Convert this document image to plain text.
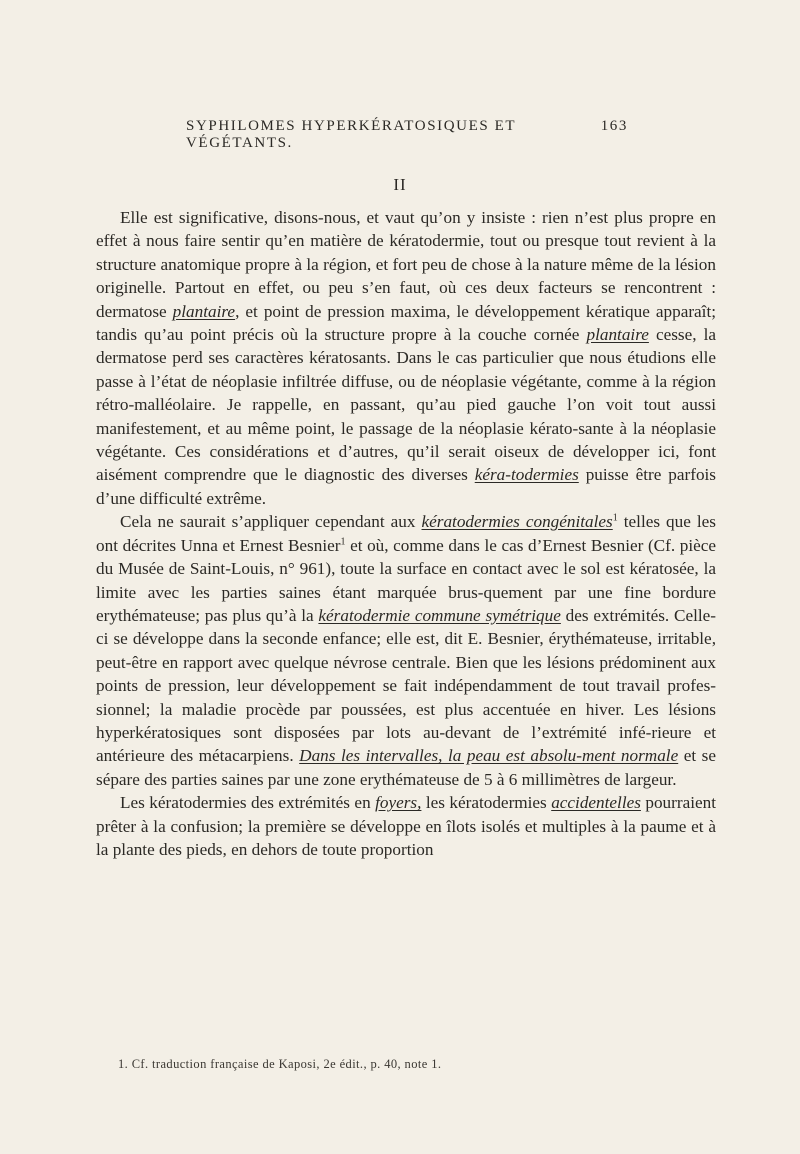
SYPHILOMES HYPERKÉRATOSIQUES ET VÉGÉTANTS.
163
II

Elle est significative, disons-nous, et vaut qu’on y insiste : rien n’est plus propre en effet à nous faire sentir qu’en matière de kératodermie, tout ou presque tout revient à la structure anatomique propre à la région, et fort peu de chose à la nature même de la lésion originelle. Partout en effet, ou peu s’en faut, où ces deux facteurs se rencontrent : dermatose plantaire, et point de pression maxima, le développement kératique apparaît; tandis qu’au point précis où la structure propre à la couche cornée plantaire cesse, la dermatose perd ses caractères kératosants. Dans le cas particulier que nous étudions elle passe à l’état de néoplasie infiltrée diffuse, ou de néoplasie végétante, comme à la région rétro-malléolaire. Je rappelle, en passant, qu’au pied gauche l’on voit tout aussi manifestement, et au même point, le passage de la néoplasie kérato-sante à la néoplasie végétante. Ces considérations et d’autres, qu’il serait oiseux de développer ici, font aisément comprendre que le diagnostic des diverses kéra-todermies puisse être parfois d’une difficulté extrême.

Cela ne saurait s’appliquer cependant aux kératodermies congénitales$^1$ telles que les ont décrites Unna et Ernest Besnier$^1$ et où, comme dans le cas d’Ernest Besnier (Cf. pièce du Musée de Saint-Louis, n° 961), toute la surface en contact avec le sol est kératosée, la limite avec les parties saines étant marquée brus-quement par une fine bordure erythémateuse; pas plus qu’à la kératodermie commune symétrique des extrémités. Celle-ci se développe dans la seconde enfance; elle est, dit E. Besnier, érythémateuse, irritable, peut-être en rapport avec quelque névrose centrale. Bien que les lésions prédominent aux points de pression, leur développement se fait indépendamment de tout travail profes-sionnel; la maladie procède par poussées, est plus accentuée en hiver. Les lésions hyperkératosiques sont disposées par lots au-devant de l’extrémité infé-rieure et antérieure des métacarpiens. Dans les intervalles, la peau est absolu-ment normale et se sépare des parties saines par une zone erythémateuse de 5 à 6 millimètres de largeur.

Les kératodermies des extrémités en foyers, les kératodermies accidentelles pourraient prêter à la confusion; la première se développe en îlots isolés et multiples à la paume et à la plante des pieds, en dehors de toute proportion

1. Cf. traduction française de Kaposi, 2e édit., p. 40, note 1.
